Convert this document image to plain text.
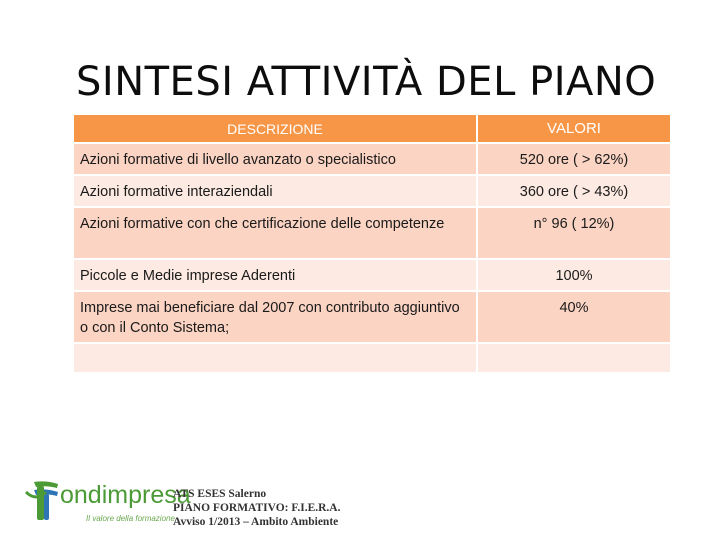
SINTESI ATTIVITÀ DEL PIANO
DESCRIZIONE	VALORI
Azioni formative di livello avanzato o specialistico	520 ore ( > 62%)
Azioni formative interaziendali	360 ore ( > 43%)
Azioni formative con che certificazione delle competenze	n° 96 ( 12%)
Piccole e Medie imprese Aderenti	100%
Imprese mai beneficiare dal 2007 con contributo aggiuntivo o con il Conto Sistema;	40%

ondimpresa
Il valore della formazione
ATS ESES Salerno
PIANO FORMATIVO: F.I.E.R.A.
Avviso 1/2013 – Ambito Ambiente
